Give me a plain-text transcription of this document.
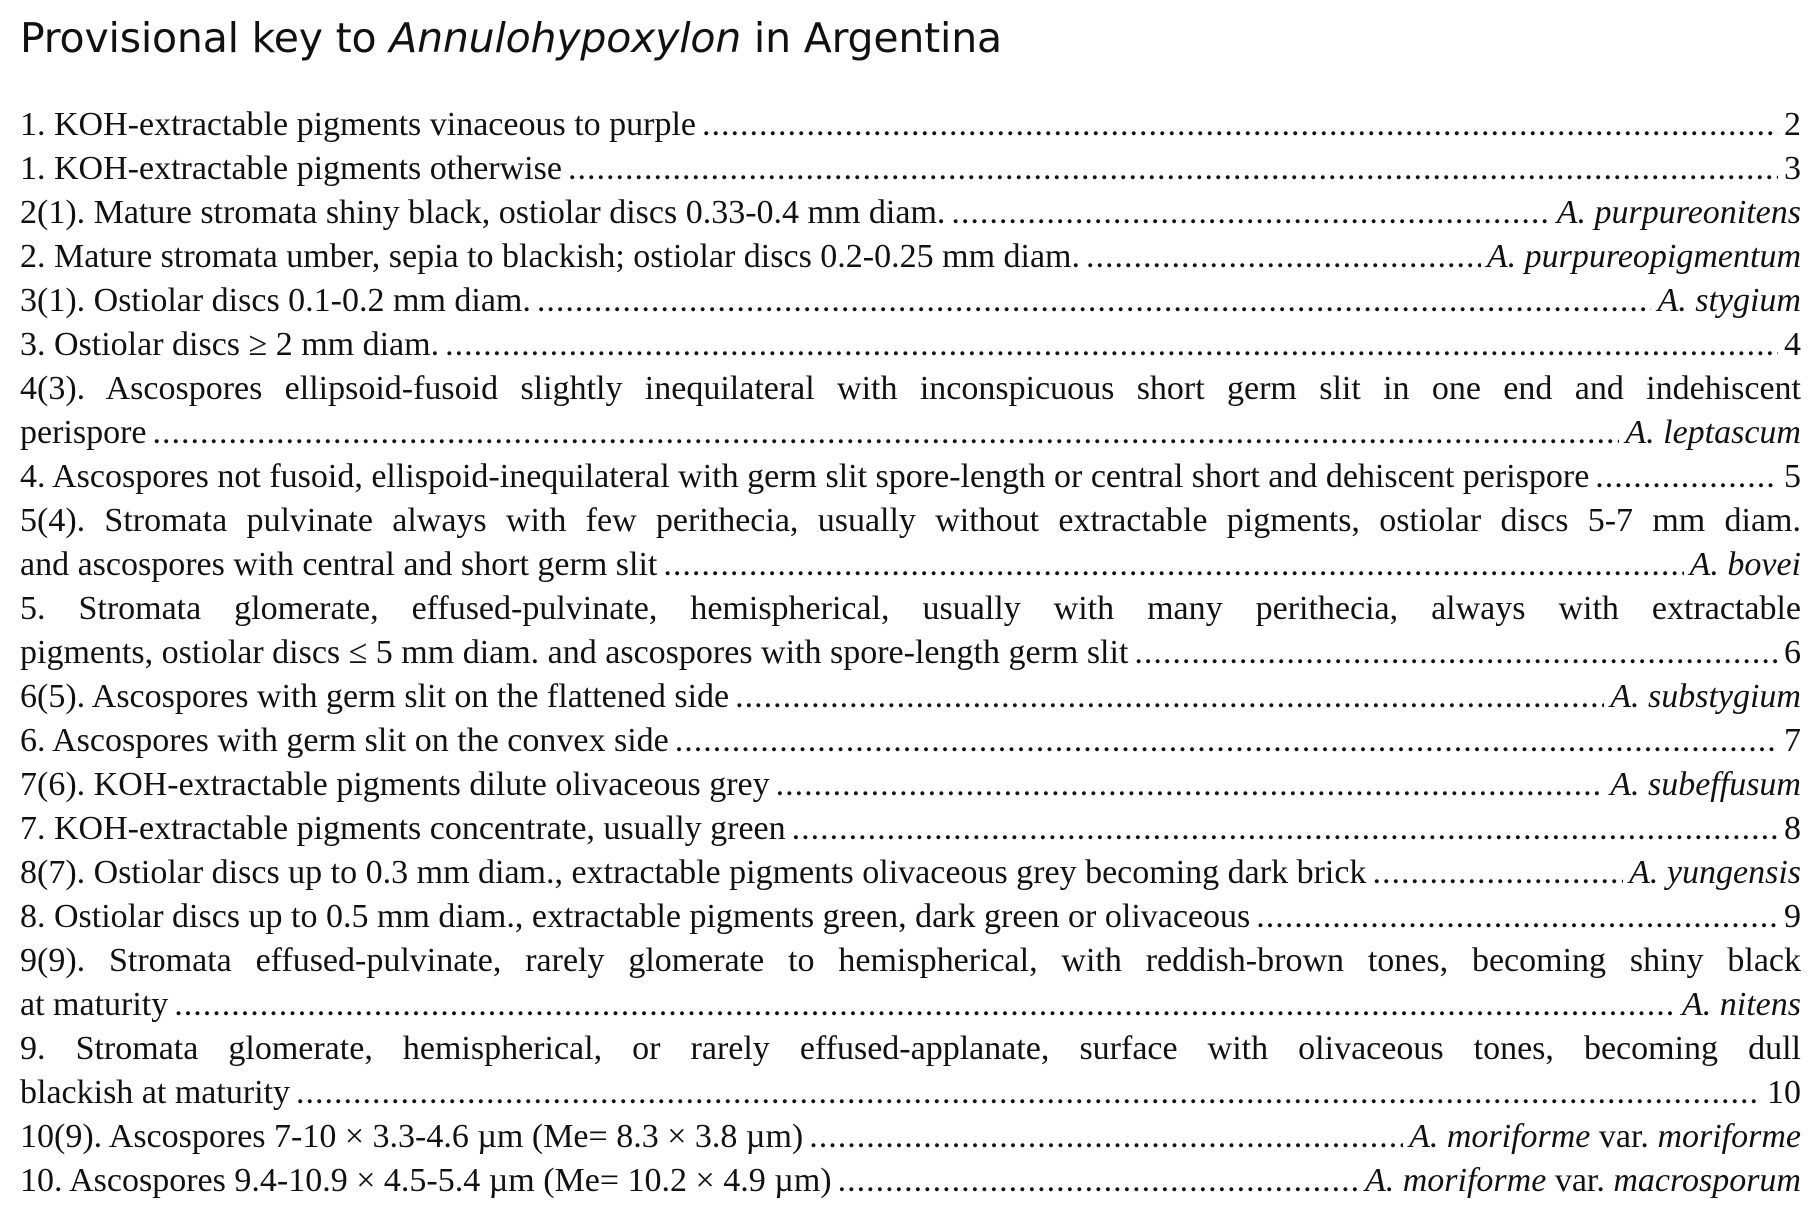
Provisional key to Annulohypoxylon in Argentina
1. KOH-extractable pigments vinaceous to purple .....	2
1. KOH-extractable pigments otherwise .....	3
2(1). Mature stromata shiny black, ostiolar discs 0.33-0.4 mm diam. .....	A. purpureonitens
2. Mature stromata umber, sepia to blackish; ostiolar discs 0.2-0.25 mm diam. .....	A. purpureopigmentum
3(1). Ostiolar discs 0.1-0.2 mm diam. .....	A. stygium
3. Ostiolar discs ≥ 2 mm diam. .....	4
4(3). Ascospores ellipsoid-fusoid slightly inequilateral with inconspicuous short germ slit in one end and indehiscent
perispore .....	A. leptascum
4. Ascospores not fusoid, ellispoid-inequilateral with germ slit spore-length or central short and dehiscent perispore .....	5
5(4). Stromata pulvinate always with few perithecia, usually without extractable pigments, ostiolar discs 5-7 mm diam.
and ascospores with central and short germ slit .....	A. bovei
5. Stromata glomerate, effused-pulvinate, hemispherical, usually with many perithecia, always with extractable
pigments, ostiolar discs ≤ 5 mm diam. and ascospores with spore-length germ slit .....	6
6(5). Ascospores with germ slit on the flattened side .....	A. substygium
6. Ascospores with germ slit on the convex side .....	7
7(6). KOH-extractable pigments dilute olivaceous grey .....	A. subeffusum
7. KOH-extractable pigments concentrate, usually green .....	8
8(7). Ostiolar discs up to 0.3 mm diam., extractable pigments olivaceous grey becoming dark brick .....	A. yungensis
8. Ostiolar discs up to 0.5 mm diam., extractable pigments green, dark green or olivaceous .....	9
9(9). Stromata effused-pulvinate, rarely glomerate to hemispherical, with reddish-brown tones, becoming shiny black
at maturity .....	A. nitens
9. Stromata glomerate, hemispherical, or rarely effused-applanate, surface with olivaceous tones, becoming dull
blackish at maturity .....	10
10(9). Ascospores 7-10 × 3.3-4.6 µm (Me= 8.3 × 3.8 µm) .....	A. moriforme var. moriforme
10. Ascospores 9.4-10.9 × 4.5-5.4 µm (Me= 10.2 × 4.9 µm) .....	A. moriforme var. macrosporum
